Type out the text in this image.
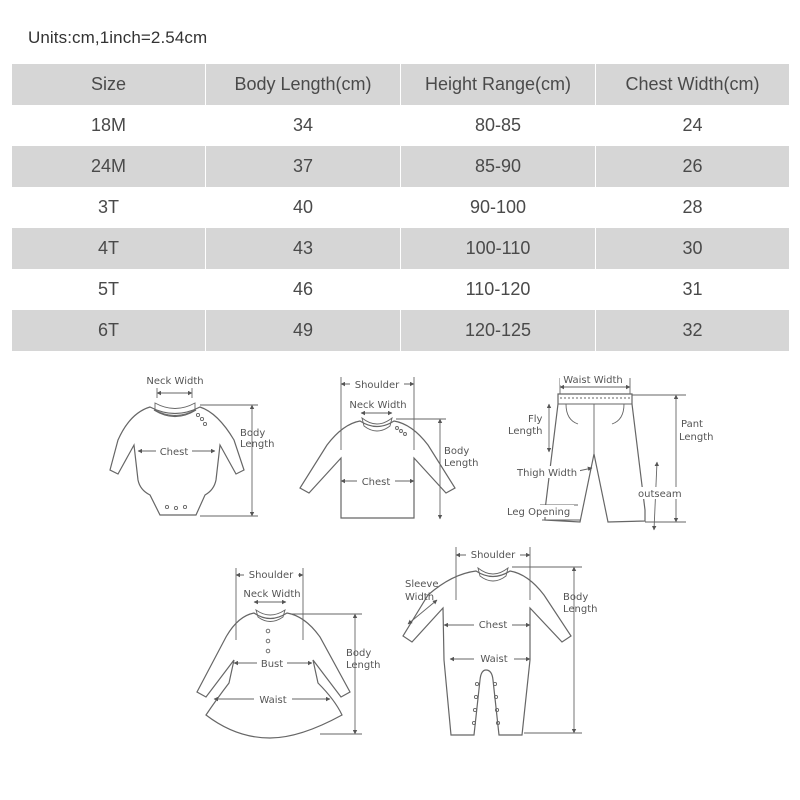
Units:cm,1inch=2.54cm
Size	Body Length(cm)	Height Range(cm)	Chest Width(cm)
18M	34	80-85	24
24M	37	85-90	26
3T	40	90-100	28
4T	43	100-110	30
5T	46	110-120	31
6T	49	120-125	32
Neck Width
Chest
Body
Length
Shoulder
Neck Width
Chest
Body
Length
Waist Width
Fly
Length
Pant
Length
Thigh Width
outseam
Leg Opening
Shoulder
Neck Width
Bust
Waist
Body
Length
Shoulder
Sleeve
Width
Chest
Waist
Body
Length
